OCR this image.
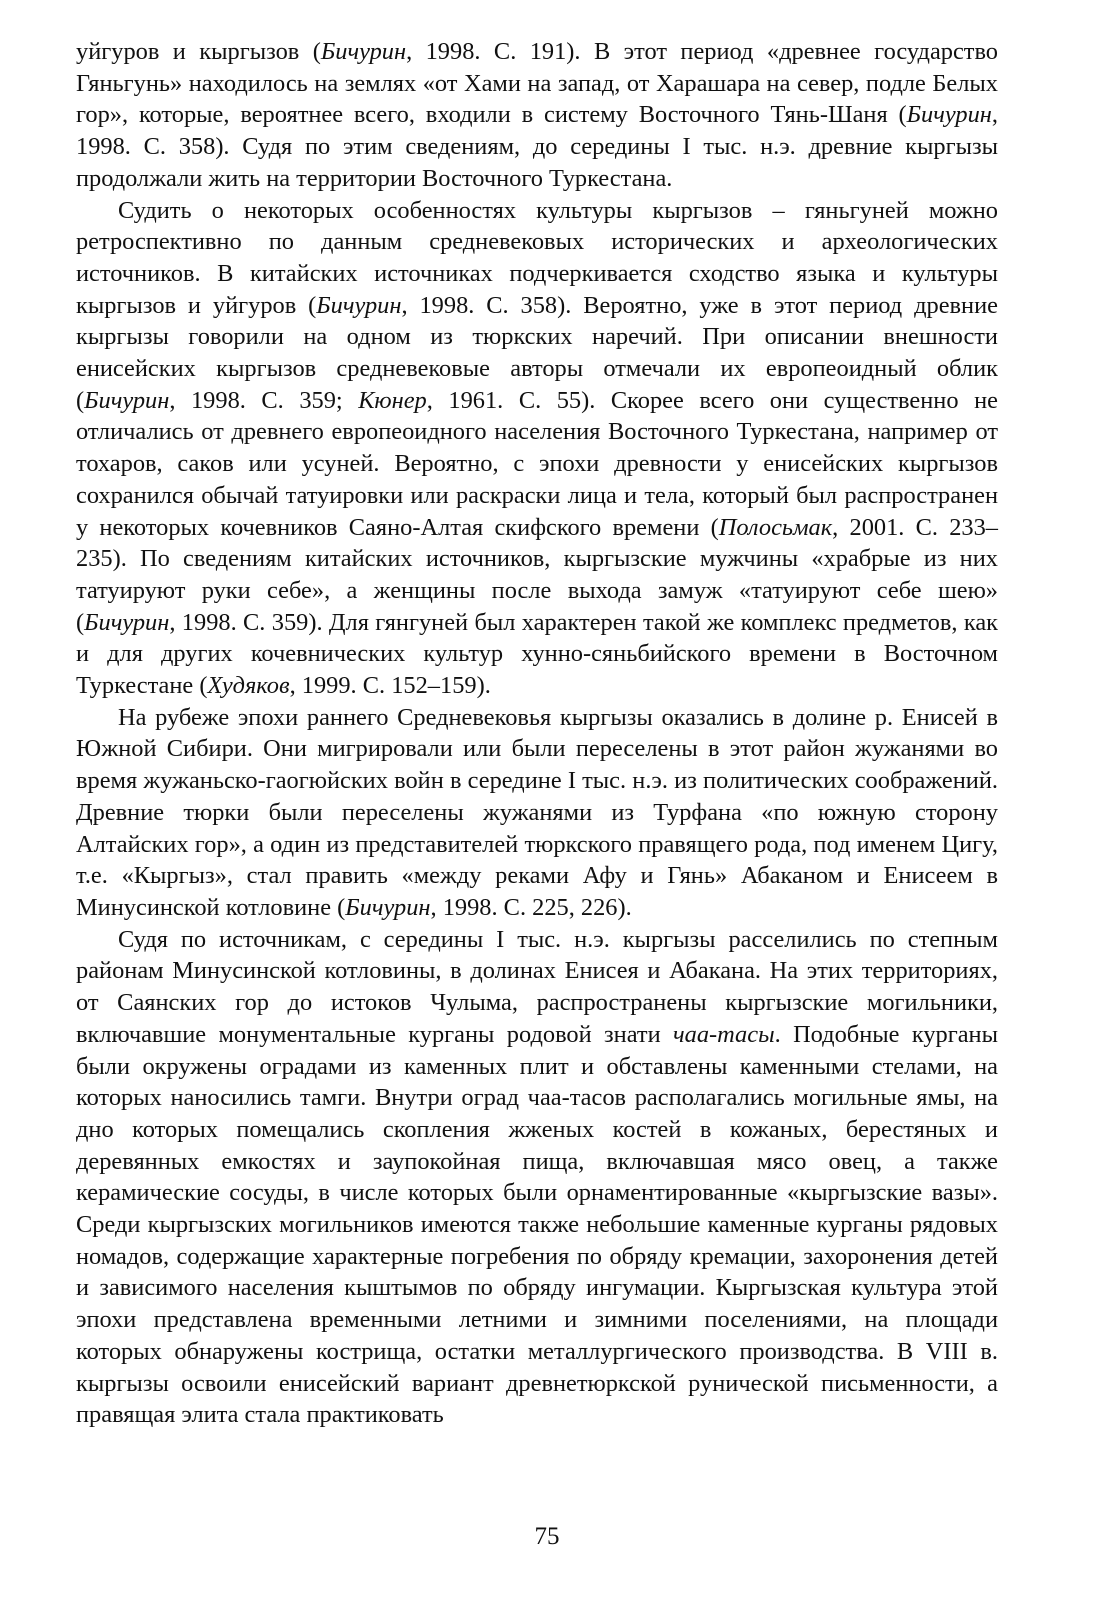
уйгуров и кыргызов (Бичурин, 1998. С. 191). В этот период «древнее государство Гяньгунь» находилось на землях «от Хами на запад, от Харашара на север, подле Белых гор», которые, вероятнее всего, входили в систему Восточного Тянь-Шаня (Бичурин, 1998. С. 358). Судя по этим сведениям, до середины I тыс. н.э. древние кыргызы продолжали жить на территории Восточного Туркестана.

Судить о некоторых особенностях культуры кыргызов – гяньгуней можно ретроспективно по данным средневековых исторических и археологических источников. В китайских источниках подчеркивается сходство языка и культуры кыргызов и уйгуров (Бичурин, 1998. С. 358). Вероятно, уже в этот период древние кыргызы говорили на одном из тюркских наречий. При описании внешности енисейских кыргызов средневековые авторы отмечали их европеоидный облик (Бичурин, 1998. С. 359; Кюнер, 1961. С. 55). Скорее всего они существенно не отличались от древнего европеоидного населения Восточного Туркестана, например от тохаров, саков или усуней. Вероятно, с эпохи древности у енисейских кыргызов сохранился обычай татуировки или раскраски лица и тела, который был распространен у некоторых кочевников Саяно-Алтая скифского времени (Полосьмак, 2001. С. 233–235). По сведениям китайских источников, кыргызские мужчины «храбрые из них татуируют руки себе», а женщины после выхода замуж «татуируют себе шею» (Бичурин, 1998. С. 359). Для гянгуней был характерен такой же комплекс предметов, как и для других кочевнических культур хунно-сяньбийского времени в Восточном Туркестане (Худяков, 1999. С. 152–159).

На рубеже эпохи раннего Средневековья кыргызы оказались в долине р. Енисей в Южной Сибири. Они мигрировали или были переселены в этот район жужанями во время жужаньско-гаогюйских войн в середине I тыс. н.э. из политических соображений. Древние тюрки были переселены жужанями из Турфана «по южную сторону Алтайских гор», а один из представителей тюркского правящего рода, под именем Цигу, т.е. «Кыргыз», стал править «между реками Афу и Гянь» Абаканом и Енисеем в Минусинской котловине (Бичурин, 1998. С. 225, 226).

Судя по источникам, с середины I тыс. н.э. кыргызы расселились по степным районам Минусинской котловины, в долинах Енисея и Абакана. На этих территориях, от Саянских гор до истоков Чулыма, распространены кыргызские могильники, включавшие монументальные курганы родовой знати чаа-тасы. Подобные курганы были окружены оградами из каменных плит и обставлены каменными стелами, на которых наносились тамги. Внутри оград чаа-тасов располагались могильные ямы, на дно которых помещались скопления жженых костей в кожаных, берестяных и деревянных емкостях и заупокойная пища, включавшая мясо овец, а также керамические сосуды, в числе которых были орнаментированные «кыргызские вазы». Среди кыргызских могильников имеются также небольшие каменные курганы рядовых номадов, содержащие характерные погребения по обряду кремации, захоронения детей и зависимого населения кыштымов по обряду ингумации. Кыргызская культура этой эпохи представлена временными летними и зимними поселениями, на площади которых обнаружены кострища, остатки металлургического производства. В VIII в. кыргызы освоили енисейский вариант древнетюркской рунической письменности, а правящая элита стала практиковать

75
